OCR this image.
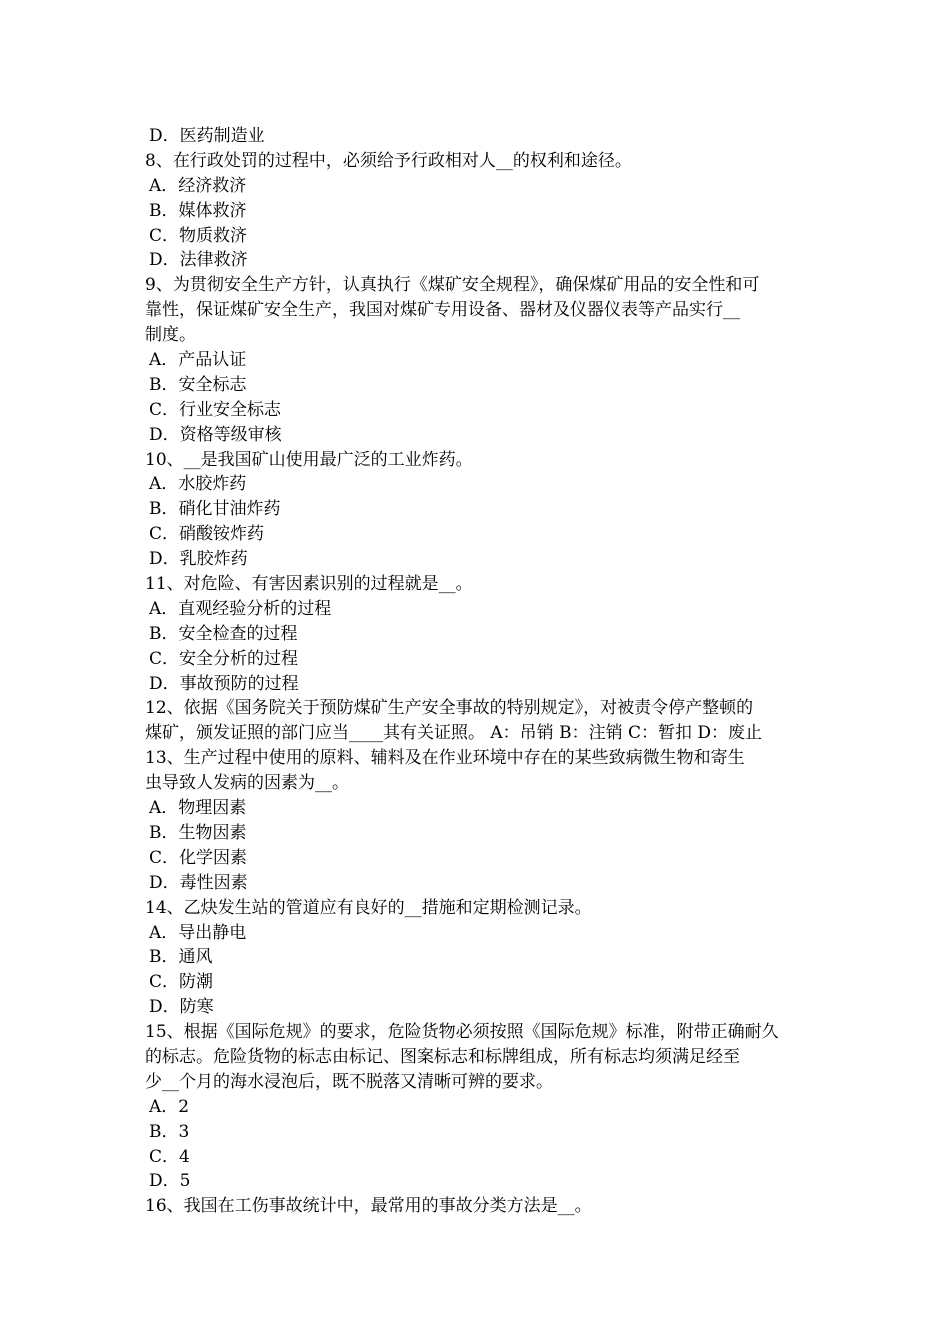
D．医药制造业
8、在行政处罚的过程中，必须给予行政相对人__的权利和途径。
A．经济救济
B．媒体救济
C．物质救济
D．法律救济
9、为贯彻安全生产方针，认真执行《煤矿安全规程》，确保煤矿用品的安全性和可
靠性，保证煤矿安全生产，我国对煤矿专用设备、器材及仪器仪表等产品实行__
制度。
A．产品认证
B．安全标志
C．行业安全标志
D．资格等级审核
10、__是我国矿山使用最广泛的工业炸药。
A．水胶炸药
B．硝化甘油炸药
C．硝酸铵炸药
D．乳胶炸药
11、对危险、有害因素识别的过程就是__。
A．直观经验分析的过程
B．安全检查的过程
C．安全分析的过程
D．事故预防的过程
12、依据《国务院关于预防煤矿生产安全事故的特别规定》，对被责令停产整顿的
煤矿，颁发证照的部门应当____其有关证照。 A：吊销 B：注销 C：暂扣 D：废止
13、生产过程中使用的原料、辅料及在作业环境中存在的某些致病微生物和寄生
虫导致人发病的因素为__。
A．物理因素
B．生物因素
C．化学因素
D．毒性因素
14、乙炔发生站的管道应有良好的__措施和定期检测记录。
A．导出静电
B．通风
C．防潮
D．防寒
15、根据《国际危规》的要求，危险货物必须按照《国际危规》标准，附带正确耐久
的标志。危险货物的标志由标记、图案标志和标牌组成，所有标志均须满足经至
少__个月的海水浸泡后，既不脱落又清晰可辨的要求。
A．2
B．3
C．4
D．5
16、我国在工伤事故统计中，最常用的事故分类方法是__。
